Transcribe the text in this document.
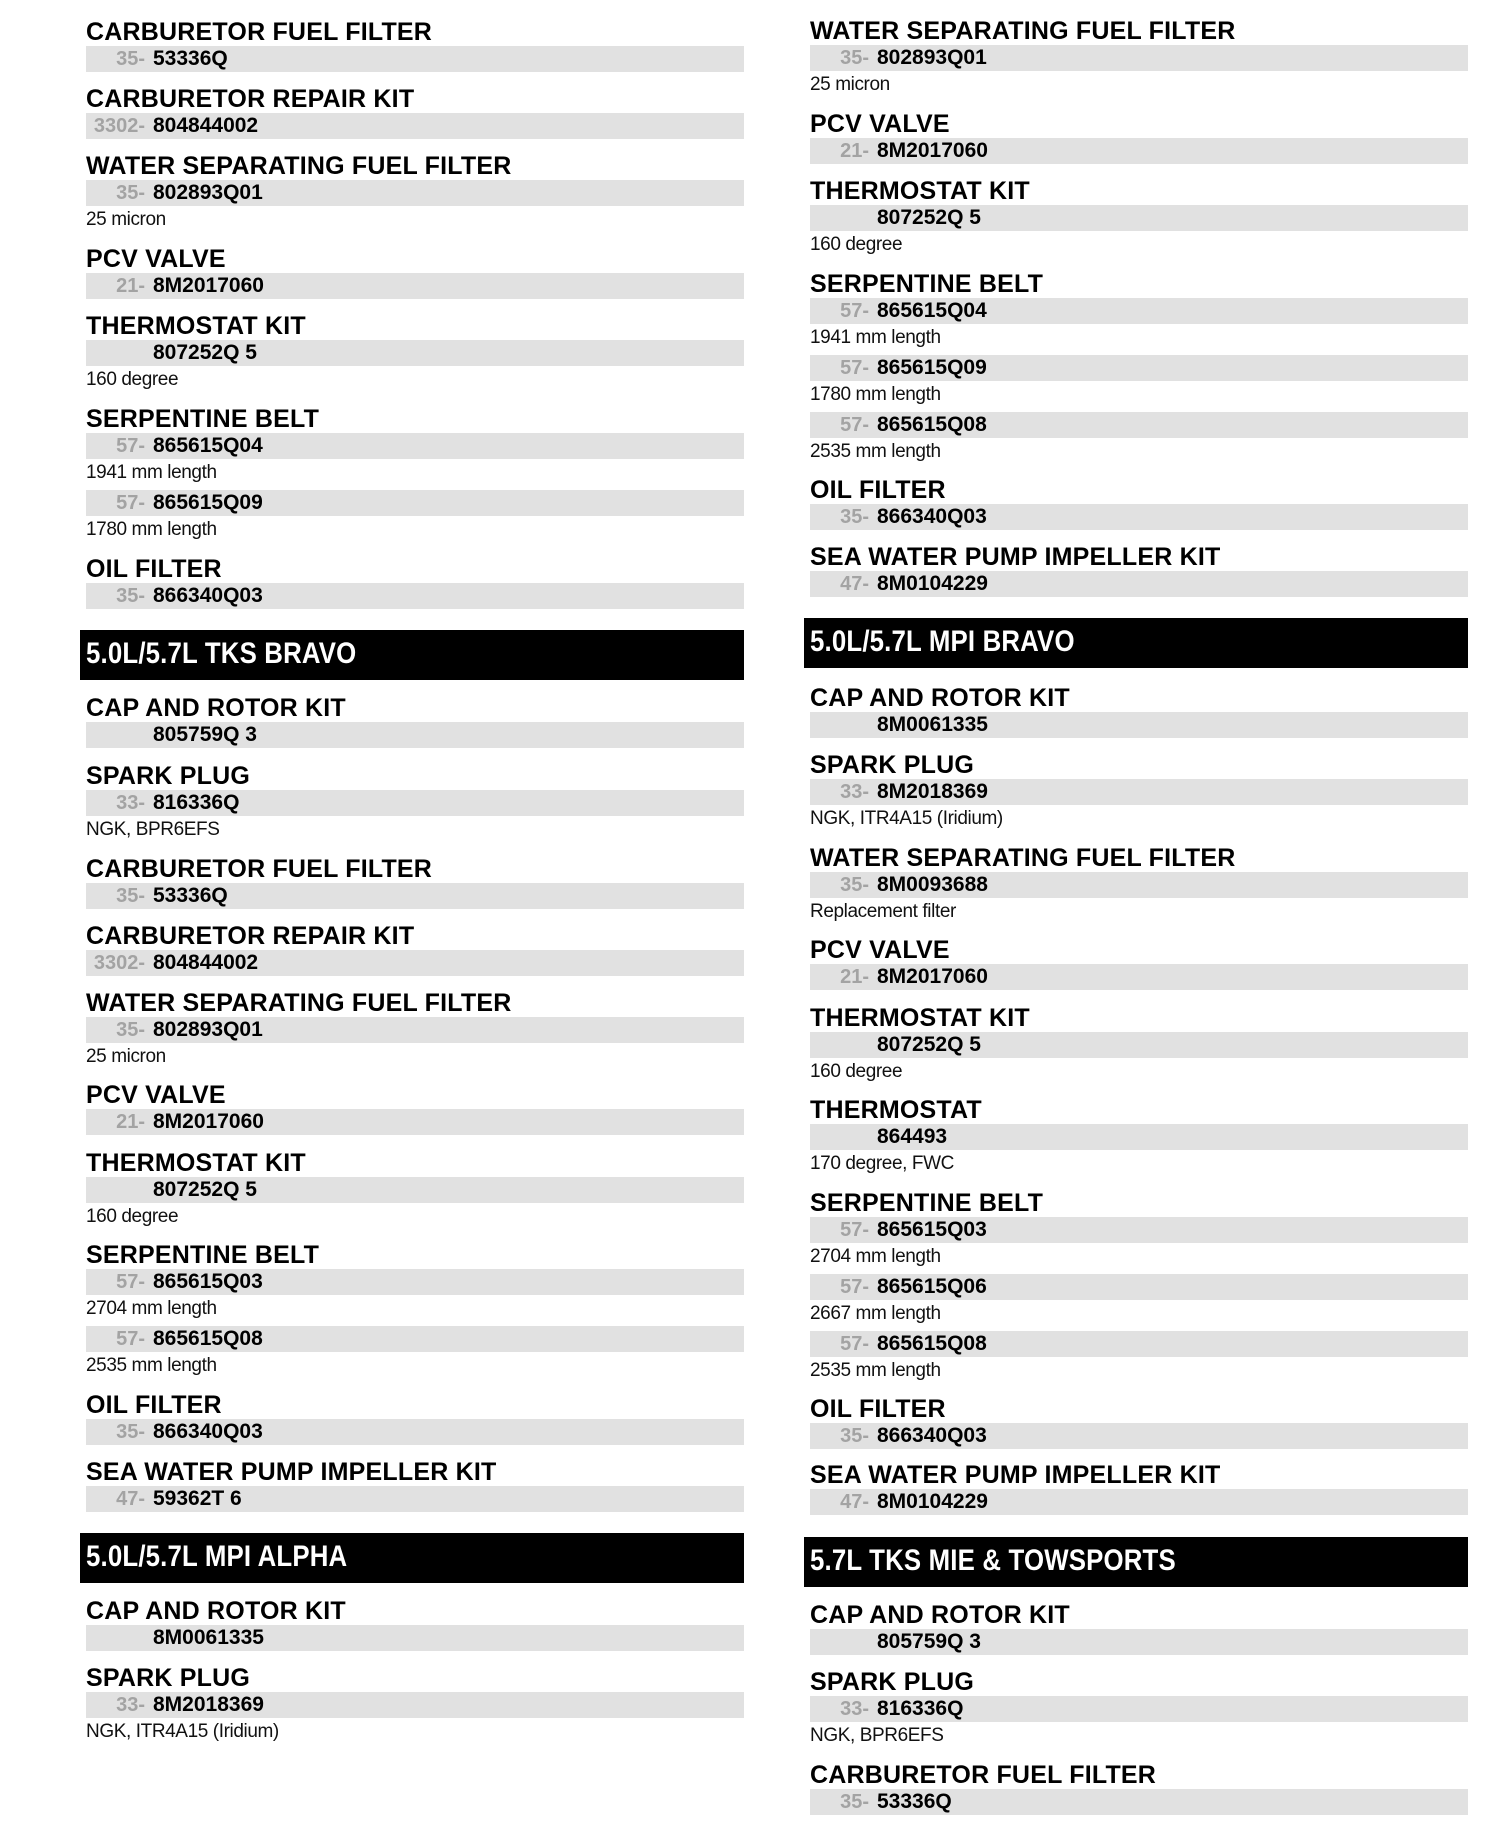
CARBURETOR FUEL FILTER
35- 53336Q
CARBURETOR REPAIR KIT
3302- 804844002
WATER SEPARATING FUEL FILTER
35- 802893Q01
25 micron
PCV VALVE
21- 8M2017060
THERMOSTAT KIT
807252Q 5
160 degree
SERPENTINE BELT
57- 865615Q04
1941 mm length
57- 865615Q09
1780 mm length
OIL FILTER
35- 866340Q03
5.0L/5.7L TKS BRAVO
CAP AND ROTOR KIT
805759Q 3
SPARK PLUG
33- 816336Q
NGK, BPR6EFS
CARBURETOR FUEL FILTER
35- 53336Q
CARBURETOR REPAIR KIT
3302- 804844002
WATER SEPARATING FUEL FILTER
35- 802893Q01
25 micron
PCV VALVE
21- 8M2017060
THERMOSTAT KIT
807252Q 5
160 degree
SERPENTINE BELT
57- 865615Q03
2704 mm length
57- 865615Q08
2535 mm length
OIL FILTER
35- 866340Q03
SEA WATER PUMP IMPELLER KIT
47- 59362T 6
5.0L/5.7L MPI ALPHA
CAP AND ROTOR KIT
8M0061335
SPARK PLUG
33- 8M2018369
NGK, ITR4A15 (Iridium)
WATER SEPARATING FUEL FILTER
35- 802893Q01
25 micron
PCV VALVE
21- 8M2017060
THERMOSTAT KIT
807252Q 5
160 degree
SERPENTINE BELT
57- 865615Q04
1941 mm length
57- 865615Q09
1780 mm length
57- 865615Q08
2535 mm length
OIL FILTER
35- 866340Q03
SEA WATER PUMP IMPELLER KIT
47- 8M0104229
5.0L/5.7L MPI BRAVO
CAP AND ROTOR KIT
8M0061335
SPARK PLUG
33- 8M2018369
NGK, ITR4A15 (Iridium)
WATER SEPARATING FUEL FILTER
35- 8M0093688
Replacement filter
PCV VALVE
21- 8M2017060
THERMOSTAT KIT
807252Q 5
160 degree
THERMOSTAT
864493
170 degree, FWC
SERPENTINE BELT
57- 865615Q03
2704 mm length
57- 865615Q06
2667 mm length
57- 865615Q08
2535 mm length
OIL FILTER
35- 866340Q03
SEA WATER PUMP IMPELLER KIT
47- 8M0104229
5.7L TKS MIE & TOWSPORTS
CAP AND ROTOR KIT
805759Q 3
SPARK PLUG
33- 816336Q
NGK, BPR6EFS
CARBURETOR FUEL FILTER
35- 53336Q
